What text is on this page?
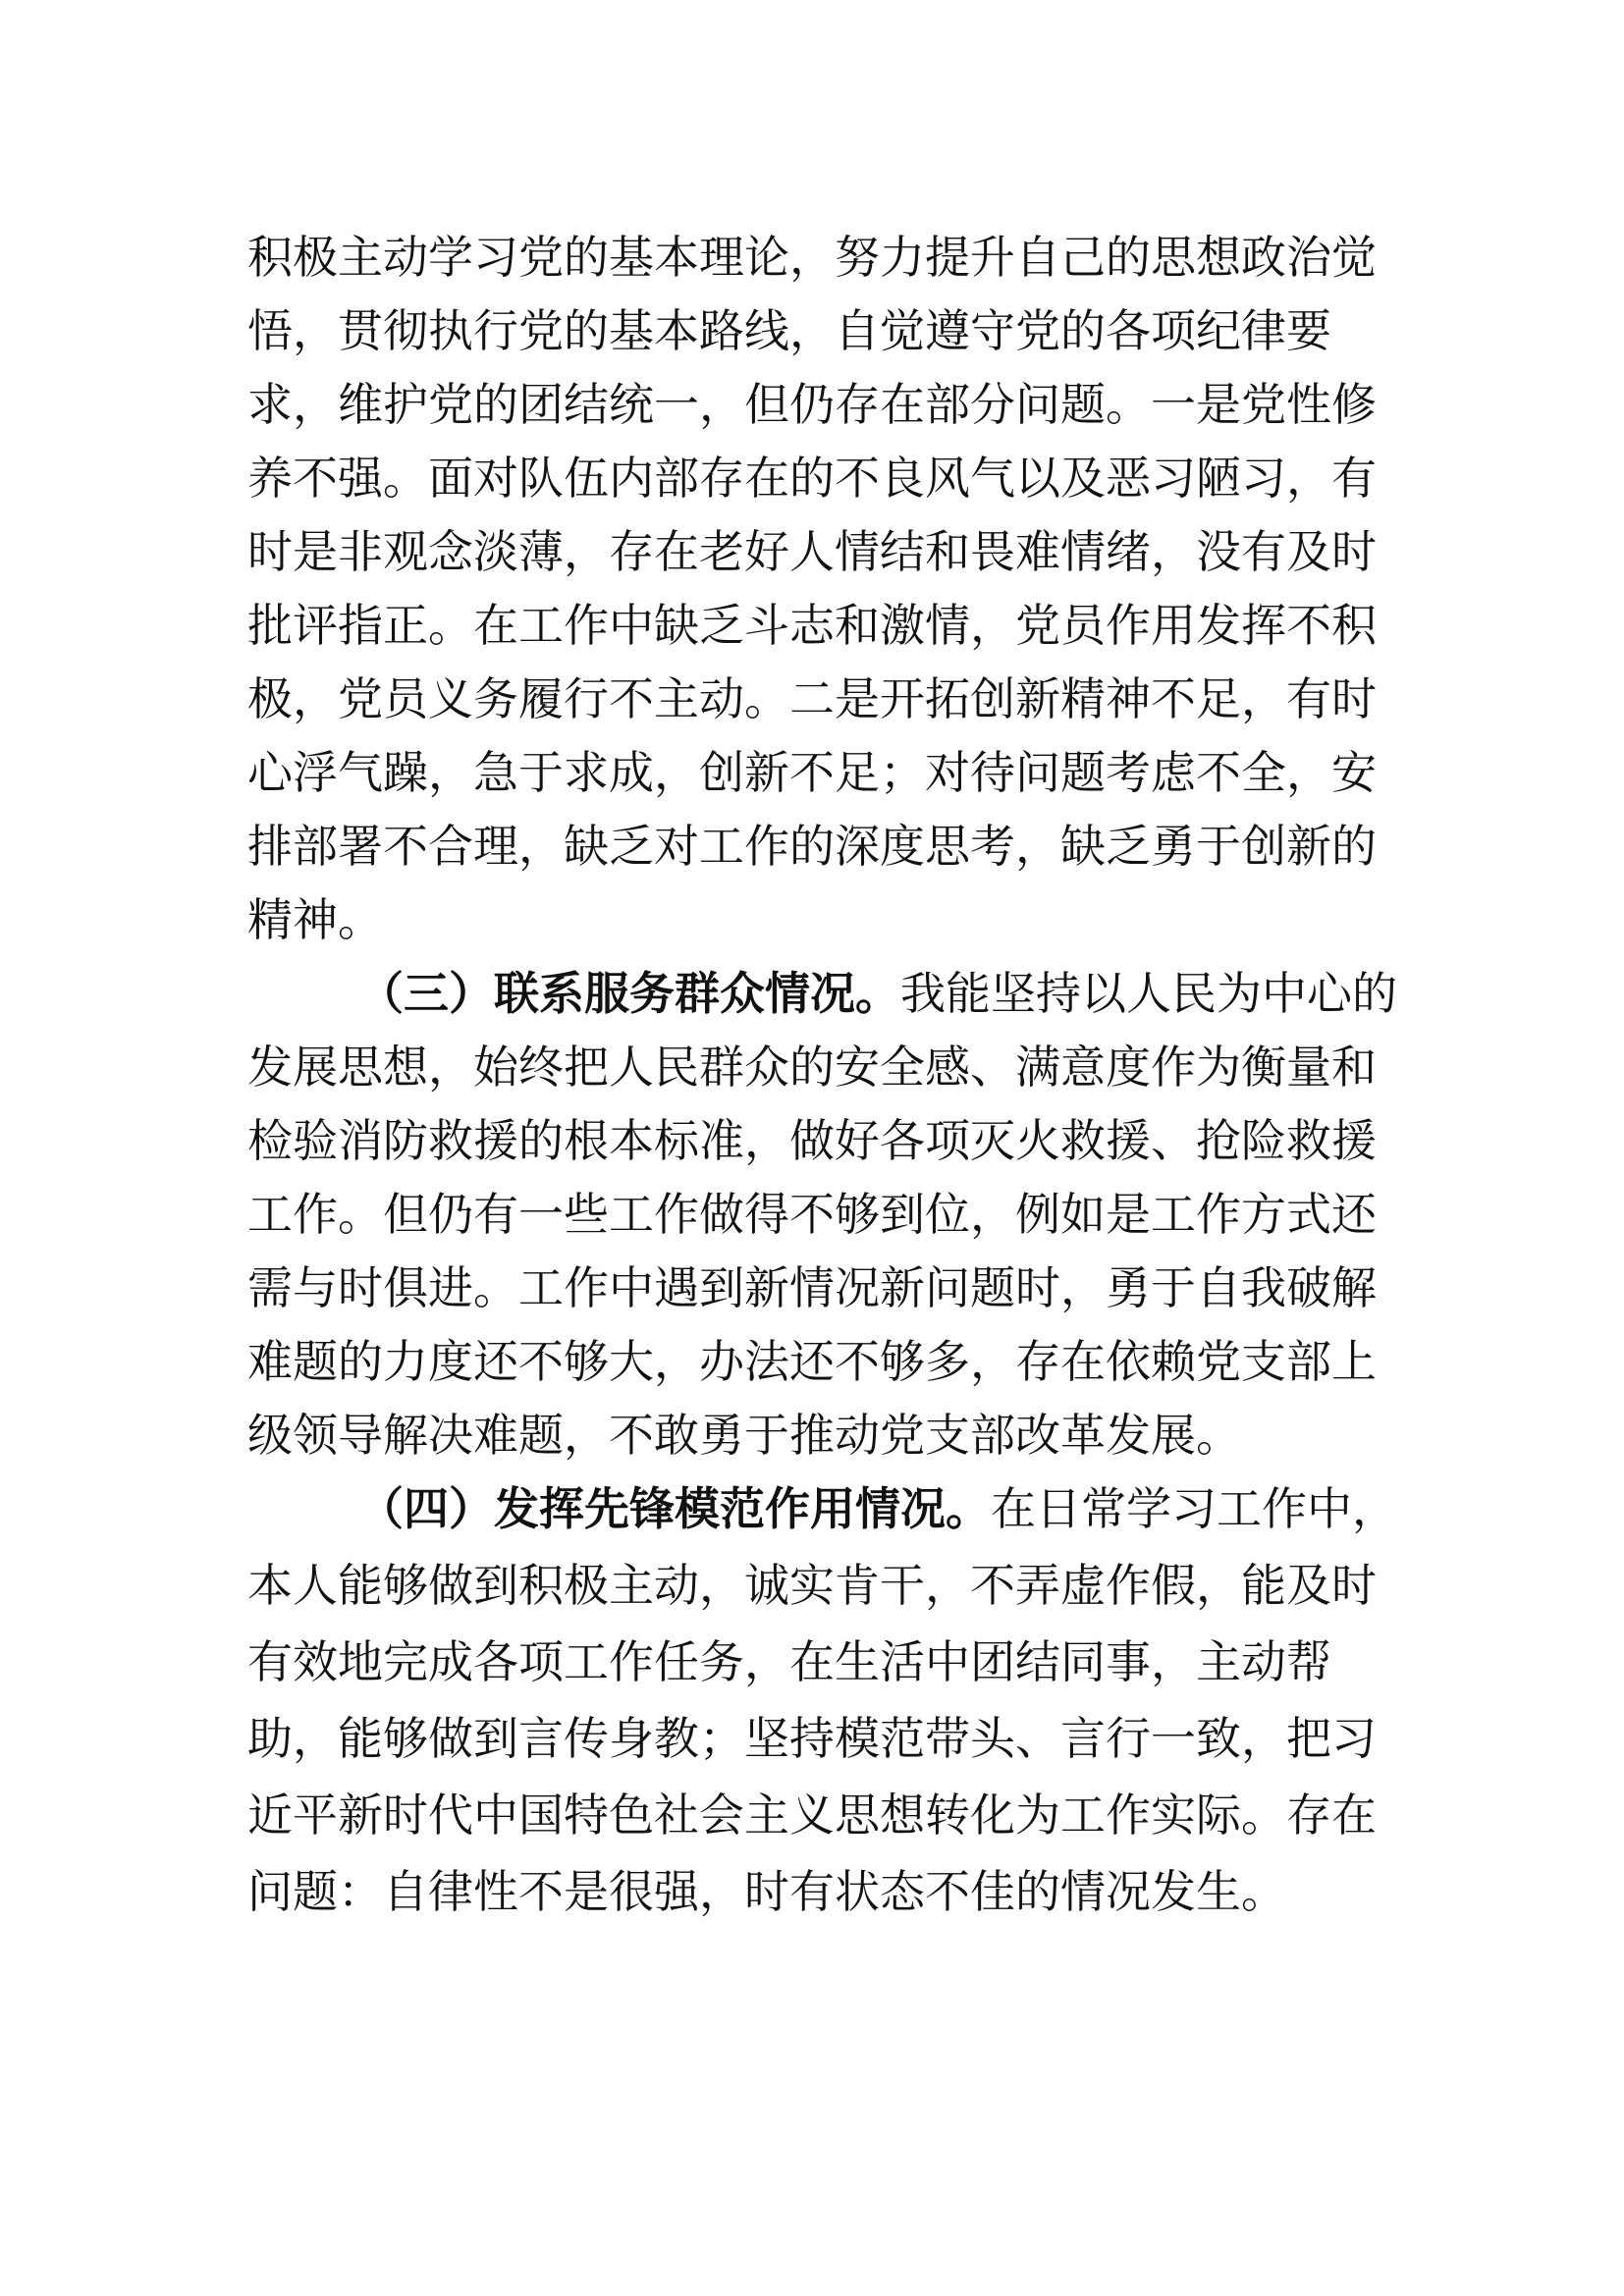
积极主动学习党的基本理论，努力提升自己的思想政治觉
悟，贯彻执行党的基本路线，自觉遵守党的各项纪律要
求，维护党的团结统一，但仍存在部分问题。一是党性修
养不强。面对队伍内部存在的不良风气以及恶习陋习，有
时是非观念淡薄，存在老好人情结和畏难情绪，没有及时
批评指正。在工作中缺乏斗志和激情，党员作用发挥不积
极，党员义务履行不主动。二是开拓创新精神不足，有时
心浮气躁，急于求成，创新不足；对待问题考虑不全，安
排部署不合理，缺乏对工作的深度思考，缺乏勇于创新的
精神。
（三）联系服务群众情况。我能坚持以人民为中心的
发展思想，始终把人民群众的安全感、满意度作为衡量和
检验消防救援的根本标准，做好各项灭火救援、抢险救援
工作。但仍有一些工作做得不够到位，例如是工作方式还
需与时俱进。工作中遇到新情况新问题时，勇于自我破解
难题的力度还不够大，办法还不够多，存在依赖党支部上
级领导解决难题，不敢勇于推动党支部改革发展。
（四）发挥先锋模范作用情况。在日常学习工作中，
本人能够做到积极主动，诚实肯干，不弄虚作假，能及时
有效地完成各项工作任务，在生活中团结同事，主动帮
助，能够做到言传身教；坚持模范带头、言行一致，把习
近平新时代中国特色社会主义思想转化为工作实际。存在
问题：自律性不是很强，时有状态不佳的情况发生。
